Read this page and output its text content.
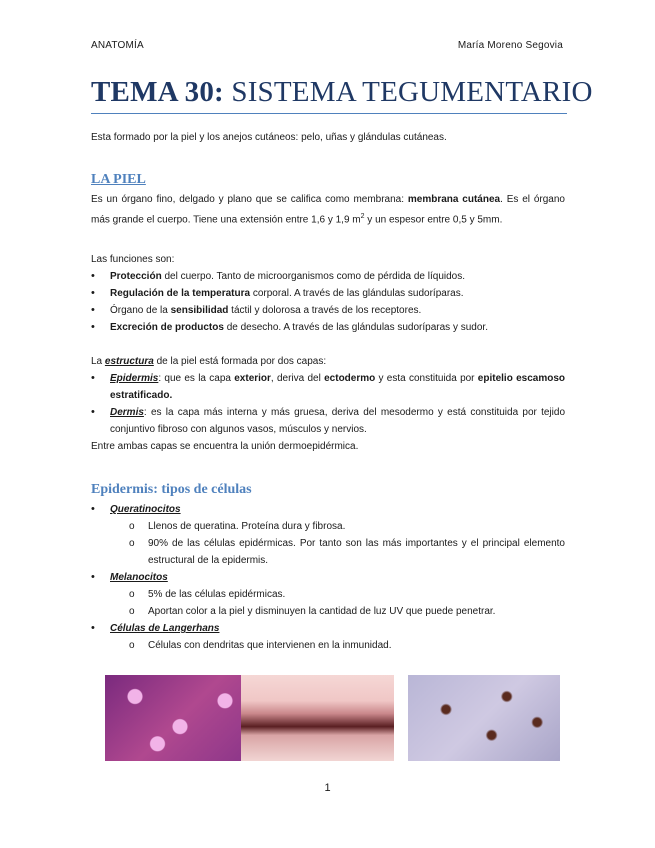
ANATOMÍA	María Moreno Segovia
TEMA 30: SISTEMA TEGUMENTARIO
Esta formado por la piel y los anejos cutáneos: pelo, uñas y glándulas cutáneas.
LA PIEL
Es un órgano fino, delgado y plano que se califica como membrana: membrana cutánea. Es el órgano más grande el cuerpo. Tiene una extensión entre 1,6 y 1,9 $m^2$ y un espesor entre 0,5 y 5mm.
Las funciones son:
• Protección del cuerpo. Tanto de microorganismos como de pérdida de líquidos.
• Regulación de la temperatura corporal. A través de las glándulas sudoríparas.
• Órgano de la sensibilidad táctil y dolorosa a través de los receptores.
• Excreción de productos de desecho. A través de las glándulas sudoríparas y sudor.
La estructura de la piel está formada por dos capas:
• Epidermis: que es la capa exterior, deriva del ectodermo y esta constituida por epitelio escamoso estratificado.
• Dermis: es la capa más interna y más gruesa, deriva del mesodermo y está constituida por tejido conjuntivo fibroso con algunos vasos, músculos y nervios.
Entre ambas capas se encuentra la unión dermoepidérmica.
Epidermis: tipos de células
• Queratinocitos
o Llenos de queratina. Proteína dura y fibrosa.
o 90% de las células epidérmicas. Por tanto son las más importantes y el principal elemento estructural de la epidermis.
• Melanocitos
o 5% de las células epidérmicas.
o Aportan color a la piel y disminuyen la cantidad de luz UV que puede penetrar.
• Células de Langerhans
o Células con dendritas que intervienen en la inmunidad.
1
